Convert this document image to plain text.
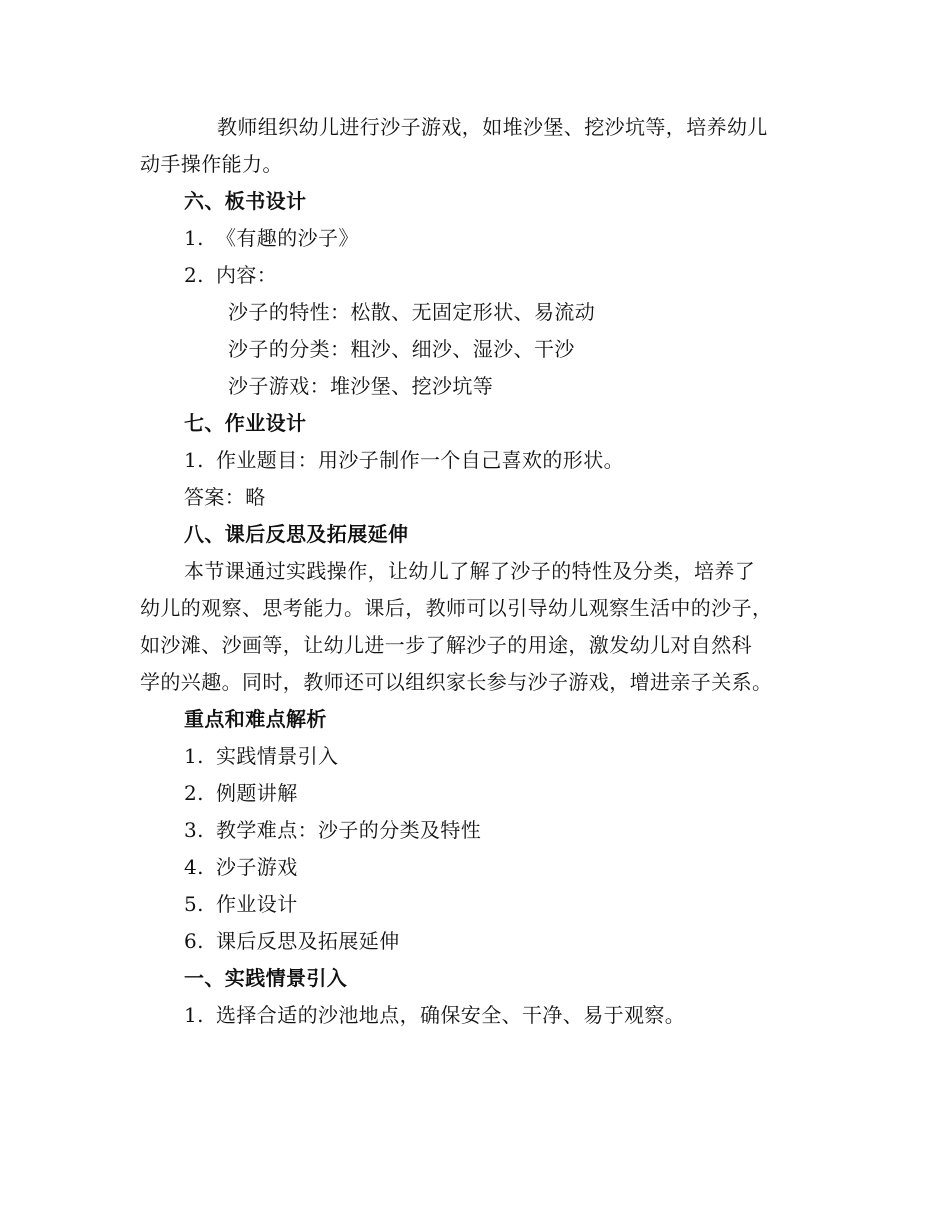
教师组织幼儿进行沙子游戏，如堆沙堡、挖沙坑等，培养幼儿
动手操作能力。
六、板书设计
1. 《有趣的沙子》
2. 内容：
沙子的特性：松散、无固定形状、易流动
沙子的分类：粗沙、细沙、湿沙、干沙
沙子游戏：堆沙堡、挖沙坑等
七、作业设计
1. 作业题目：用沙子制作一个自己喜欢的形状。
答案：略
八、课后反思及拓展延伸
本节课通过实践操作，让幼儿了解了沙子的特性及分类，培养了
幼儿的观察、思考能力。课后，教师可以引导幼儿观察生活中的沙子，
如沙滩、沙画等，让幼儿进一步了解沙子的用途，激发幼儿对自然科
学的兴趣。同时，教师还可以组织家长参与沙子游戏，增进亲子关系。
重点和难点解析
1. 实践情景引入
2. 例题讲解
3. 教学难点：沙子的分类及特性
4. 沙子游戏
5. 作业设计
6. 课后反思及拓展延伸
一、实践情景引入
1. 选择合适的沙池地点，确保安全、干净、易于观察。
